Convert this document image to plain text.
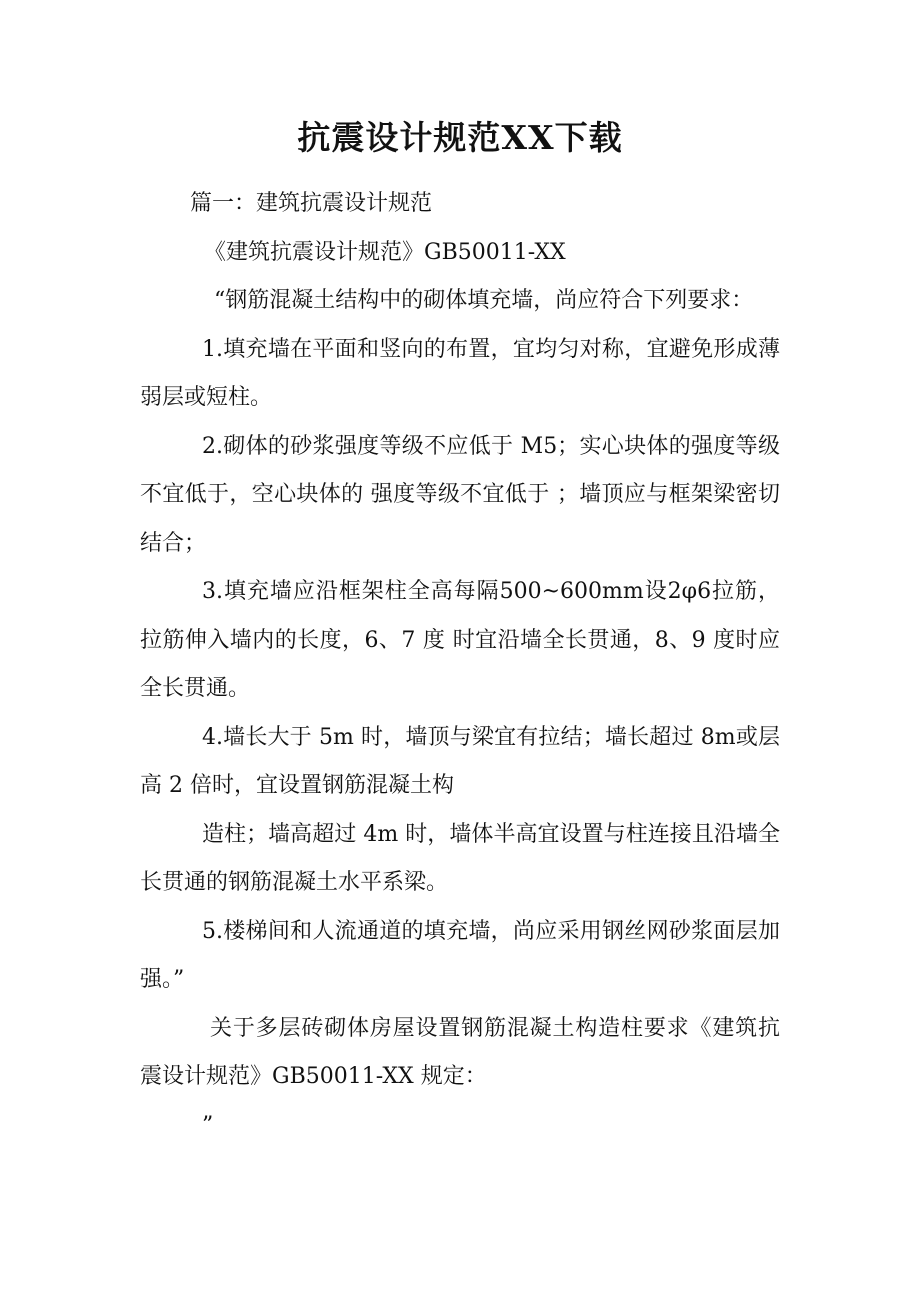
抗震设计规范XX下载

篇一：建筑抗震设计规范

《建筑抗震设计规范》GB50011-XX

“钢筋混凝土结构中的砌体填充墙，尚应符合下列要求：

1.填充墙在平面和竖向的布置，宜均匀对称，宜避免形成薄弱层或短柱。

2.砌体的砂浆强度等级不应低于 M5；实心块体的强度等级不宜低于，空心块体的 强度等级不宜低于 ；墙顶应与框架梁密切结合；

3.填充墙应沿框架柱全高每隔500~600mm设2φ6拉筋，拉筋伸入墙内的长度，6、7 度 时宜沿墙全长贯通，8、9 度时应全长贯通。

4.墙长大于 5m 时，墙顶与梁宜有拉结；墙长超过 8m或层高 2 倍时，宜设置钢筋混凝土构

造柱；墙高超过 4m 时，墙体半高宜设置与柱连接且沿墙全长贯通的钢筋混凝土水平系梁。

5.楼梯间和人流通道的填充墙，尚应采用钢丝网砂浆面层加强。”

关于多层砖砌体房屋设置钢筋混凝土构造柱要求《建筑抗震设计规范》GB50011-XX 规定：

”
